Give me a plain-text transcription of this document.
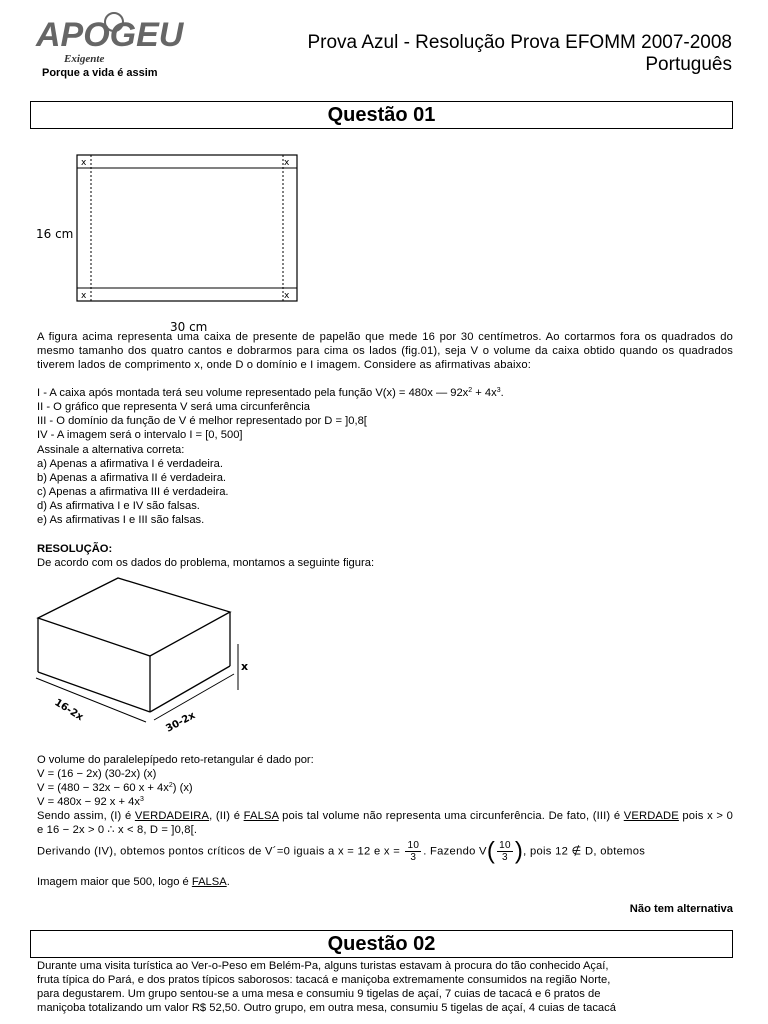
APOGEU
Exigente
Porque a vida é assim
Prova Azul - Resolução Prova EFOMM 2007-2008
Português
Questão 01
x	x
x	x
16 cm
30 cm
A figura acima representa uma caixa de presente de papelão que mede 16 por 30 centímetros. Ao cortarmos fora os quadrados do mesmo tamanho dos quatro cantos e dobrarmos para cima os lados (fig.01), seja V o volume da caixa obtido quando os quadrados tiverem lados de comprimento x, onde D o domínio e I imagem. Considere as afirmativas abaixo:
I - A caixa após montada terá seu volume representado pela função V(x) = 480x — $92x^2 + 4x^3$.
II - O gráfico que representa V será uma circunferência
III - O domínio da função de V é melhor representado por D = ]0,8[
IV - A imagem será o intervalo I = [0, 500]
Assinale a alternativa correta:
a) Apenas a afirmativa I é verdadeira.
b) Apenas a afirmativa II é verdadeira.
c) Apenas a afirmativa III é verdadeira.
d) As afirmativa I e IV são falsas.
e) As afirmativas I e III são falsas.
RESOLUÇÃO:
De acordo com os dados do problema, montamos a seguinte figura:
x
16-2x	30-2x
O volume do paralelepípedo reto-retangular é dado por:
V = (16 − 2x) (30-2x) (x)
V = (480 − 32x − 60 $x + 4x^2$) (x)
V = 480x − 92 $x + 4x^3$
Sendo assim, (I) é VERDADEIRA, (II) é FALSA pois tal volume não representa uma circunferência. De fato, (III) é VERDADE pois x > 0 e 16 − 2x > 0 ∴ x < 8, D = ]0,8[.
Derivando (IV), obtemos pontos críticos de V´=0 iguais a x = 12 e $x = \frac{10}{3}$ . Fazendo $V( \frac{10}{3}$ ), pois 12 ∉ D, obtemos
Imagem maior que 500, logo é FALSA.
Não tem alternativa
Questão 02
Durante uma visita turística ao Ver-o-Peso em Belém-Pa, alguns turistas estavam à procura do tão conhecido Açaí,
fruta típica do Pará, e dos pratos típicos saborosos: tacacá e maniçoba extremamente consumidos na região Norte,
para degustarem. Um grupo sentou-se a uma mesa e consumiu 9 tigelas de açaí, 7 cuias de tacacá e 6 pratos de
maniçoba totalizando um valor R$ 52,50. Outro grupo, em outra mesa, consumiu 5 tigelas de açaí, 4 cuias de tacacá
